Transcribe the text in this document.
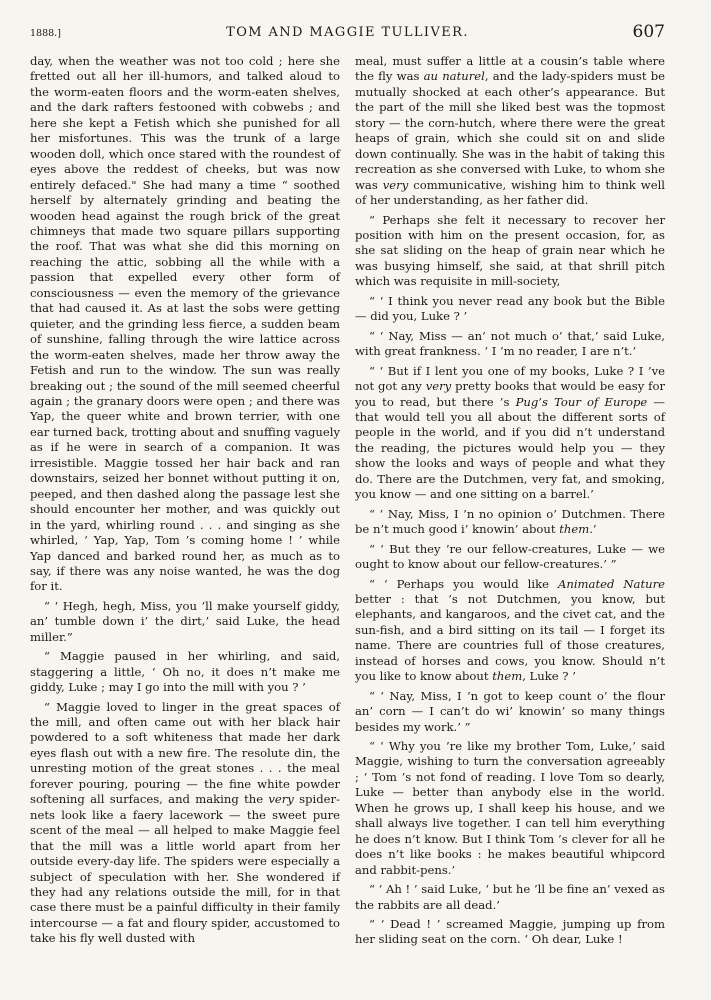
1888.]	TOM AND MAGGIE TULLIVER.	607

day, when the weather was not too cold ; here she fretted out all her ill-humors, and talked aloud to the worm-eaten floors and the worm-eaten shelves, and the dark rafters festooned with cobwebs ; and here she kept a Fetish which she punished for all her misfortunes. This was the trunk of a large wooden doll, which once stared with the roundest of eyes above the reddest of cheeks, but was now entirely defaced." She had many a time “ soothed herself by alternately grinding and beating the wooden head against the rough brick of the great chimneys that made two square pillars supporting the roof. That was what she did this morning on reaching the attic, sobbing all the while with a passion that expelled every other form of consciousness — even the memory of the grievance that had caused it. As at last the sobs were getting quieter, and the grinding less fierce, a sudden beam of sunshine, falling through the wire lattice across the worm-eaten shelves, made her throw away the Fetish and run to the window. The sun was really breaking out ; the sound of the mill seemed cheerful again ; the granary doors were open ; and there was Yap, the queer white and brown terrier, with one ear turned back, trotting about and snuffing vaguely as if he were in search of a companion. It was irresistible. Maggie tossed her hair back and ran downstairs, seized her bonnet without putting it on, peeped, and then dashed along the passage lest she should encounter her mother, and was quickly out in the yard, whirling round . . . and singing as she whirled, ‘ Yap, Yap, Tom ’s coming home ! ’ while Yap danced and barked round her, as much as to say, if there was any noise wanted, he was the dog for it.

“ ‘ Hegh, hegh, Miss, you ’ll make yourself giddy, an’ tumble down i’ the dirt,’ said Luke, the head miller.”

“ Maggie paused in her whirling, and said, staggering a little, ‘ Oh no, it does n’t make me giddy, Luke ; may I go into the mill with you ? ’

“ Maggie loved to linger in the great spaces of the mill, and often came out with her black hair powdered to a soft whiteness that made her dark eyes flash out with a new fire. The resolute din, the unresting motion of the great stones . . . the meal forever pouring, pouring — the fine white powder softening all surfaces, and making the very spider-nets look like a faery lacework — the sweet pure scent of the meal — all helped to make Maggie feel that the mill was a little world apart from her outside every-day life. The spiders were especially a subject of speculation with her. She wondered if they had any relations outside the mill, for in that case there must be a painful difficulty in their family intercourse — a fat and floury spider, accustomed to take his fly well dusted with

meal, must suffer a little at a cousin’s table where the fly was au naturel, and the lady-spiders must be mutually shocked at each other’s appearance. But the part of the mill she liked best was the topmost story — the corn-hutch, where there were the great heaps of grain, which she could sit on and slide down continually. She was in the habit of taking this recreation as she conversed with Luke, to whom she was very communicative, wishing him to think well of her understanding, as her father did.

“ Perhaps she felt it necessary to recover her position with him on the present occasion, for, as she sat sliding on the heap of grain near which he was busying himself, she said, at that shrill pitch which was requisite in mill-society,

“ ‘ I think you never read any book but the Bible — did you, Luke ? ’

“ ‘ Nay, Miss — an’ not much o’ that,’ said Luke, with great frankness. ‘ I ’m no reader, I are n’t.’

“ ‘ But if I lent you one of my books, Luke ? I ’ve not got any very pretty books that would be easy for you to read, but there ’s Pug’s Tour of Europe — that would tell you all about the different sorts of people in the world, and if you did n’t understand the reading, the pictures would help you — they show the looks and ways of people and what they do. There are the Dutchmen, very fat, and smoking, you know — and one sitting on a barrel.’

“ ‘ Nay, Miss, I ’n no opinion o’ Dutchmen. There be n’t much good i’ knowin’ about them.’

“ ‘ But they ’re our fellow-creatures, Luke — we ought to know about our fellow-creatures.’ ”

“ ‘ Perhaps you would like Animated Nature better : that ’s not Dutchmen, you know, but elephants, and kangaroos, and the civet cat, and the sun-fish, and a bird sitting on its tail — I forget its name. There are countries full of those creatures, instead of horses and cows, you know. Should n’t you like to know about them, Luke ? ’

“ ‘ Nay, Miss, I ’n got to keep count o’ the flour an’ corn — I can’t do wi’ knowin’ so many things besides my work.’ ”

“ ‘ Why you ’re like my brother Tom, Luke,’ said Maggie, wishing to turn the conversation agreeably ; ‘ Tom ’s not fond of reading. I love Tom so dearly, Luke — better than anybody else in the world. When he grows up, I shall keep his house, and we shall always live together. I can tell him everything he does n’t know. But I think Tom ’s clever for all he does n’t like books : he makes beautiful whipcord and rabbit-pens.’

“ ‘ Ah ! ’ said Luke, ‘ but he ’ll be fine an’ vexed as the rabbits are all dead.’

“ ‘ Dead ! ’ screamed Maggie, jumping up from her sliding seat on the corn. ‘ Oh dear, Luke !
